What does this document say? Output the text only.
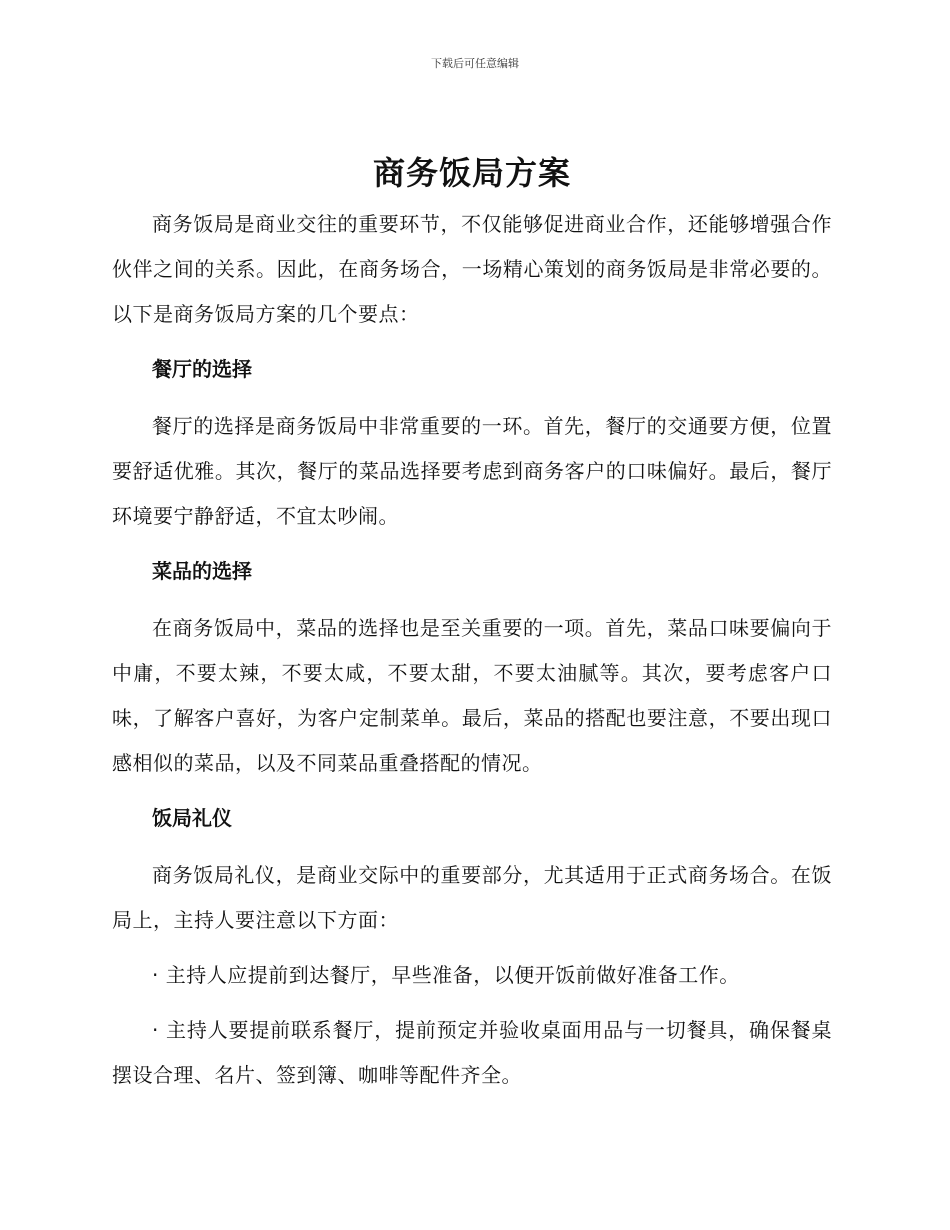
下载后可任意编辑
商务饭局方案

商务饭局是商业交往的重要环节，不仅能够促进商业合作，还能够增强合作伙伴之间的关系。因此，在商务场合，一场精心策划的商务饭局是非常必要的。以下是商务饭局方案的几个要点：

餐厅的选择

餐厅的选择是商务饭局中非常重要的一环。首先，餐厅的交通要方便，位置要舒适优雅。其次，餐厅的菜品选择要考虑到商务客户的口味偏好。最后，餐厅环境要宁静舒适，不宜太吵闹。

菜品的选择

在商务饭局中，菜品的选择也是至关重要的一项。首先，菜品口味要偏向于中庸，不要太辣，不要太咸，不要太甜，不要太油腻等。其次，要考虑客户口味，了解客户喜好，为客户定制菜单。最后，菜品的搭配也要注意，不要出现口感相似的菜品，以及不同菜品重叠搭配的情况。

饭局礼仪

商务饭局礼仪，是商业交际中的重要部分，尤其适用于正式商务场合。在饭局上，主持人要注意以下方面：

· 主持人应提前到达餐厅，早些准备，以便开饭前做好准备工作。

· 主持人要提前联系餐厅，提前预定并验收桌面用品与一切餐具，确保餐桌摆设合理、名片、签到簿、咖啡等配件齐全。
